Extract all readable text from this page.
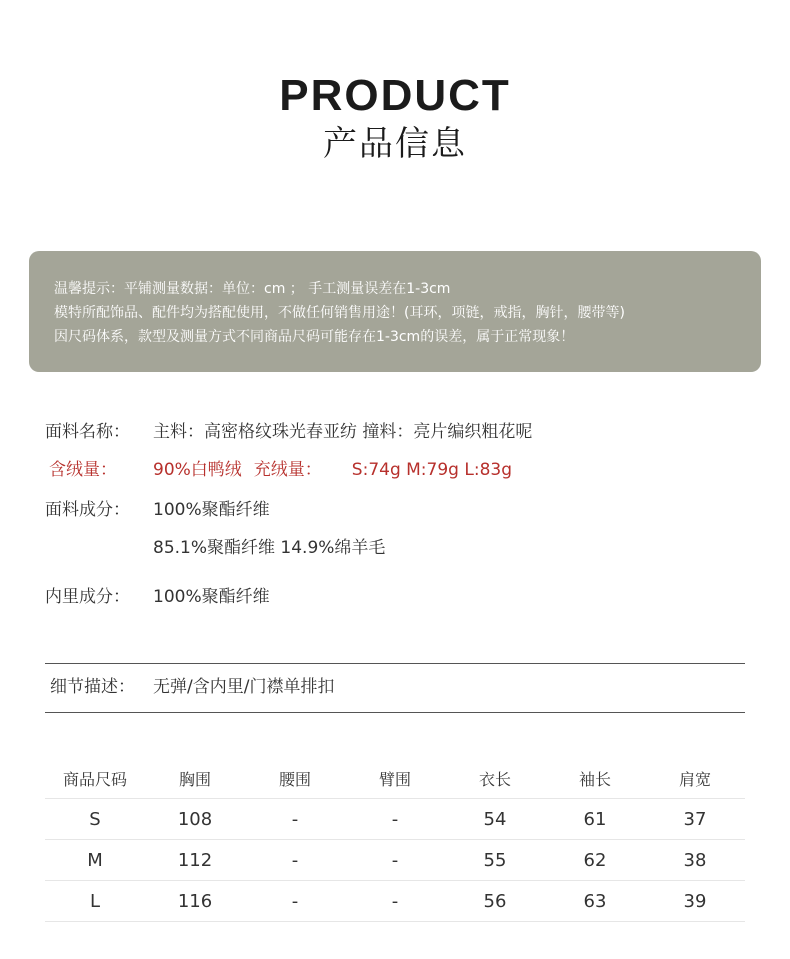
PRODUCT
产品信息
温馨提示：平铺测量数据：单位：cm ； 手工测量误差在1-3cm
模特所配饰品、配件均为搭配使用，不做任何销售用途！(耳环，项链，戒指，胸针，腰带等)
因尺码体系，款型及测量方式不同商品尺码可能存在1-3cm的误差，属于正常现象！
面料名称： 主料：高密格纹珠光春亚纺 撞料：亮片编织粗花呢
含绒量： 90%白鸭绒 充绒量： S:74g M:79g L:83g
面料成分： 100%聚酯纤维
85.1%聚酯纤维 14.9%绵羊毛
内里成分： 100%聚酯纤维
细节描述： 无弹/含内里/门襟单排扣
商品尺码	胸围	腰围	臂围	衣长	袖长	肩宽
S	108	-	-	54	61	37
M	112	-	-	55	62	38
L	116	-	-	56	63	39
